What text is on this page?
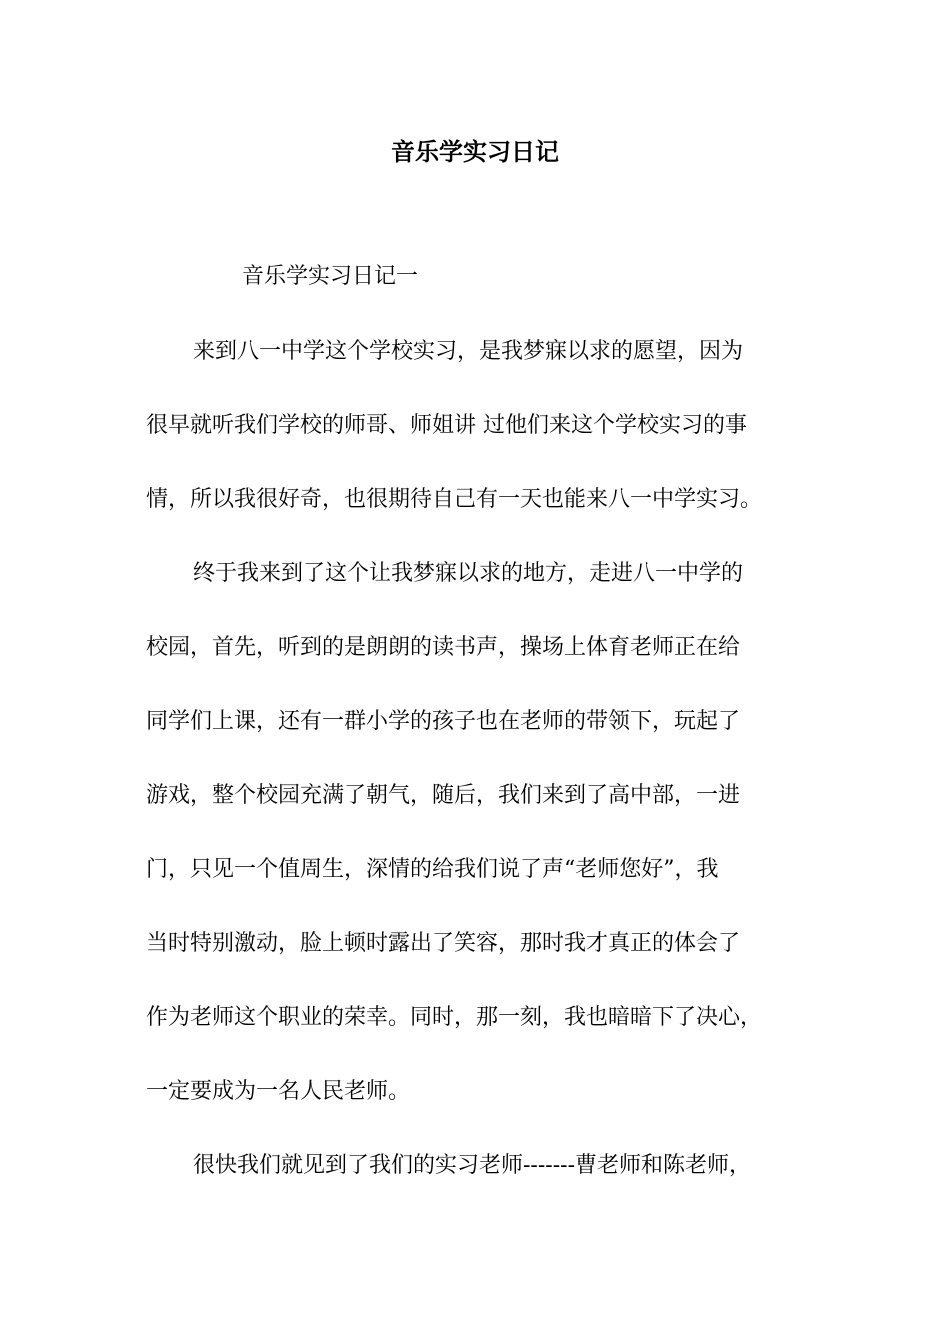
音乐学实习日记

音乐学实习日记一

来到八一中学这个学校实习，是我梦寐以求的愿望，因为

很早就听我们学校的师哥、师姐讲 过他们来这个学校实习的事

情，所以我很好奇，也很期待自己有一天也能来八一中学实习。

终于我来到了这个让我梦寐以求的地方，走进八一中学的

校园，首先，听到的是朗朗的读书声，操场上体育老师正在给

同学们上课，还有一群小学的孩子也在老师的带领下，玩起了

游戏，整个校园充满了朝气，随后，我们来到了高中部，一进

门，只见一个值周生，深情的给我们说了声“老师您好”，我

当时特别激动，脸上顿时露出了笑容，那时我才真正的体会了

作为老师这个职业的荣幸。同时，那一刻，我也暗暗下了决心，

一定要成为一名人民老师。

很快我们就见到了我们的实习老师-------曹老师和陈老师，
